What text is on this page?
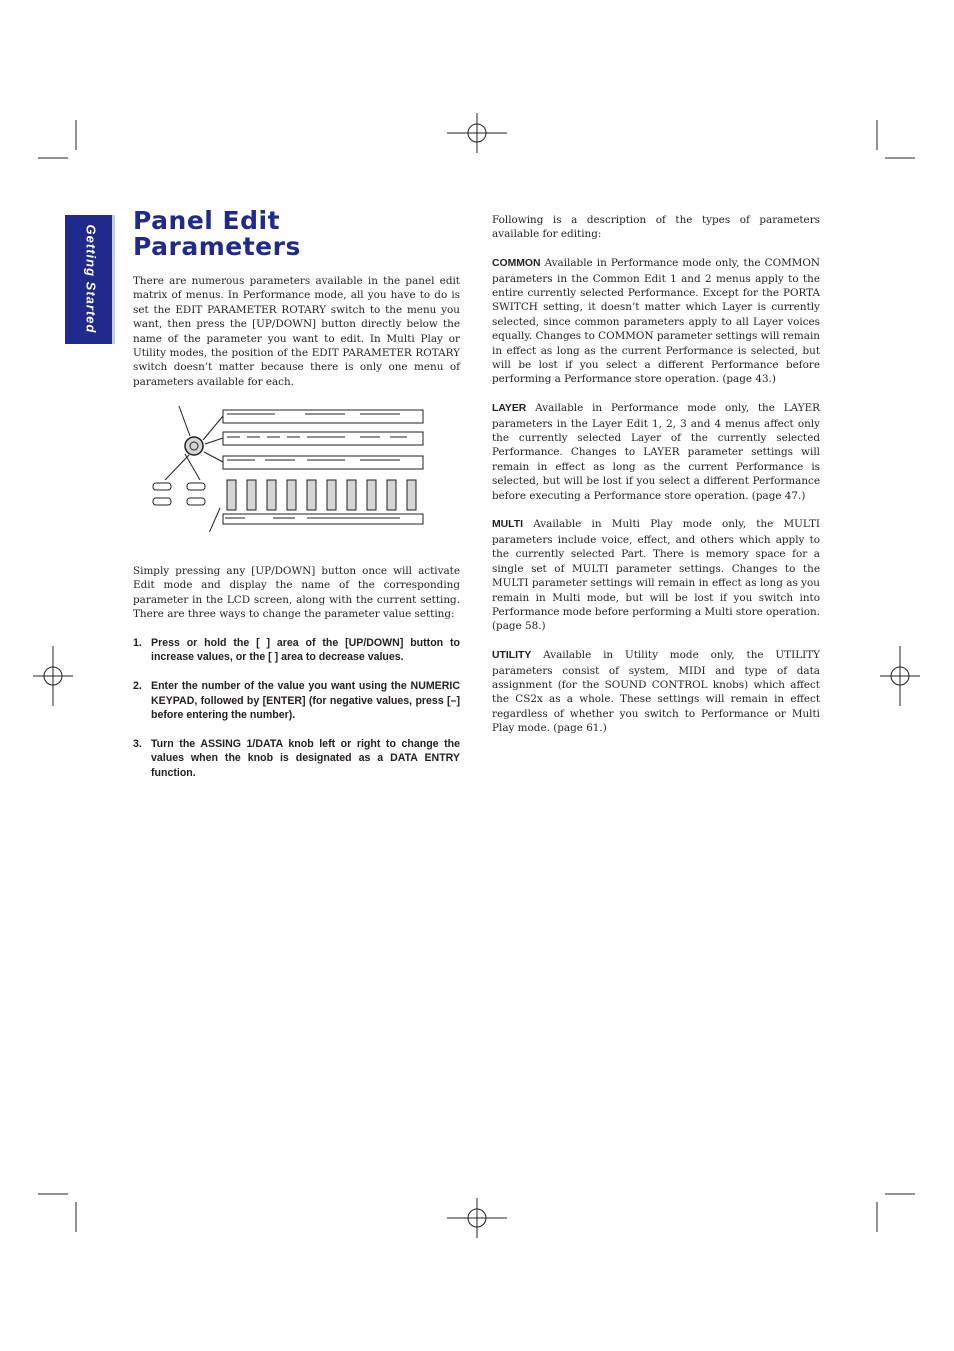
Getting Started
Panel Edit
Parameters

There are numerous parameters available in the panel edit matrix of menus. In Performance mode, all you have to do is set the EDIT PARAMETER ROTARY switch to the menu you want, then press the [UP/DOWN] button directly below the name of the parameter you want to edit. In Multi Play or Utility modes, the position of the EDIT PARAMETER ROTARY switch doesn’t matter because there is only one menu of parameters available for each.

Simply pressing any [UP/DOWN] button once will activate Edit mode and display the name of the corresponding parameter in the LCD screen, along with the current setting. There are three ways to change the parameter value setting:

1. Press or hold the [ ] area of the [UP/DOWN] button to increase values, or the [ ] area to decrease values.
2. Enter the number of the value you want using the NUMERIC KEYPAD, followed by [ENTER] (for negative values, press [–] before entering the number).
3. Turn the ASSING 1/DATA knob left or right to change the values when the knob is designated as a DATA ENTRY function.

Following is a description of the types of parameters available for editing:

COMMON Available in Performance mode only, the COMMON parameters in the Common Edit 1 and 2 menus apply to the entire currently selected Performance. Except for the PORTA SWITCH setting, it doesn’t matter which Layer is currently selected, since common parameters apply to all Layer voices equally. Changes to COMMON parameter settings will remain in effect as long as the current Performance is selected, but will be lost if you select a different Performance before performing a Performance store operation. (page 43.)

LAYER Available in Performance mode only, the LAYER parameters in the Layer Edit 1, 2, 3 and 4 menus affect only the currently selected Layer of the currently selected Performance. Changes to LAYER parameter settings will remain in effect as long as the current Performance is selected, but will be lost if you select a different Performance before executing a Performance store operation. (page 47.)

MULTI Available in Multi Play mode only, the MULTI parameters include voice, effect, and others which apply to the currently selected Part. There is memory space for a single set of MULTI parameter settings. Changes to the MULTI parameter settings will remain in effect as long as you remain in Multi mode, but will be lost if you switch into Performance mode before performing a Multi store operation. (page 58.)

UTILITY Available in Utility mode only, the UTILITY parameters consist of system, MIDI and type of data assignment (for the SOUND CONTROL knobs) which affect the CS2x as a whole. These settings will remain in effect regardless of whether you switch to Performance or Multi Play mode. (page 61.)
